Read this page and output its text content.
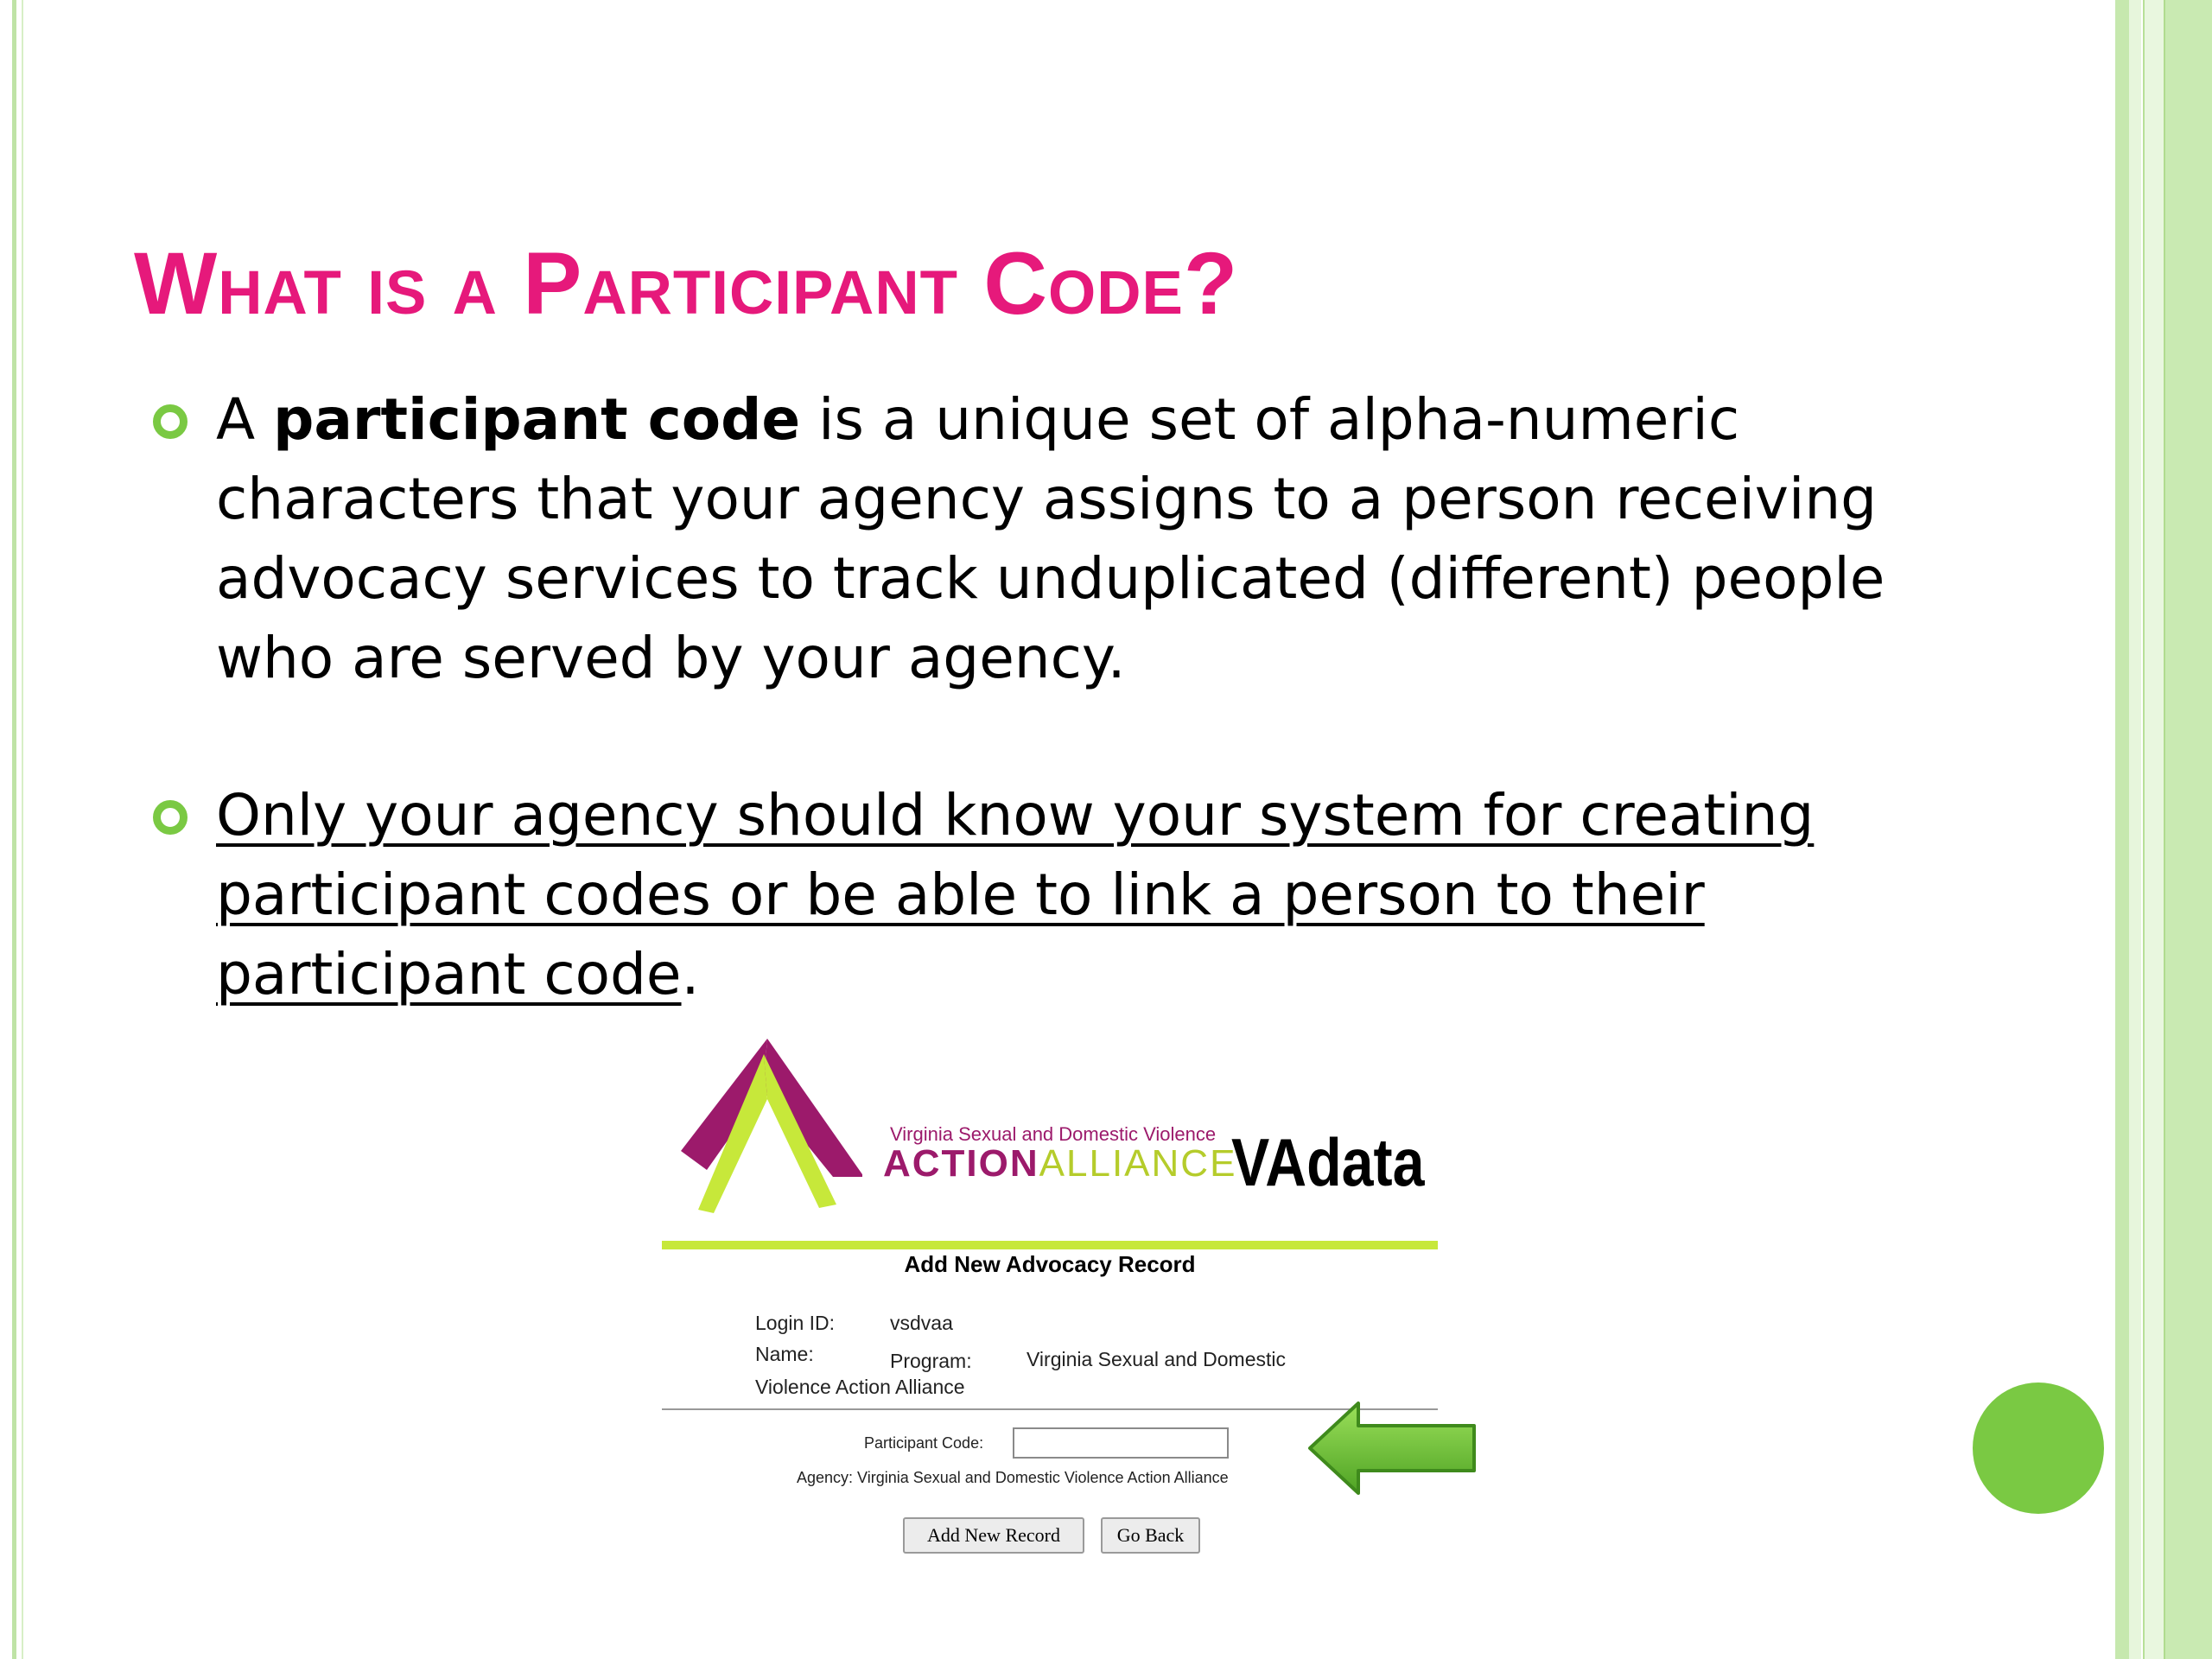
What is a Participant Code?

A participant code is a unique set of alpha-numeric characters that your agency assigns to a person receiving advocacy services to track unduplicated (different) people who are served by your agency.

Only your agency should know your system for creating participant codes or be able to link a person to their participant code.

Virginia Sexual and Domestic Violence
ACTIONALLIANCE
VAdata
Add New Advocacy Record
Login ID:	vsdvaa
Name:	Program:	Virginia Sexual and Domestic
Violence Action Alliance
Participant Code:
Agency: Virginia Sexual and Domestic Violence Action Alliance
Add New Record	Go Back
